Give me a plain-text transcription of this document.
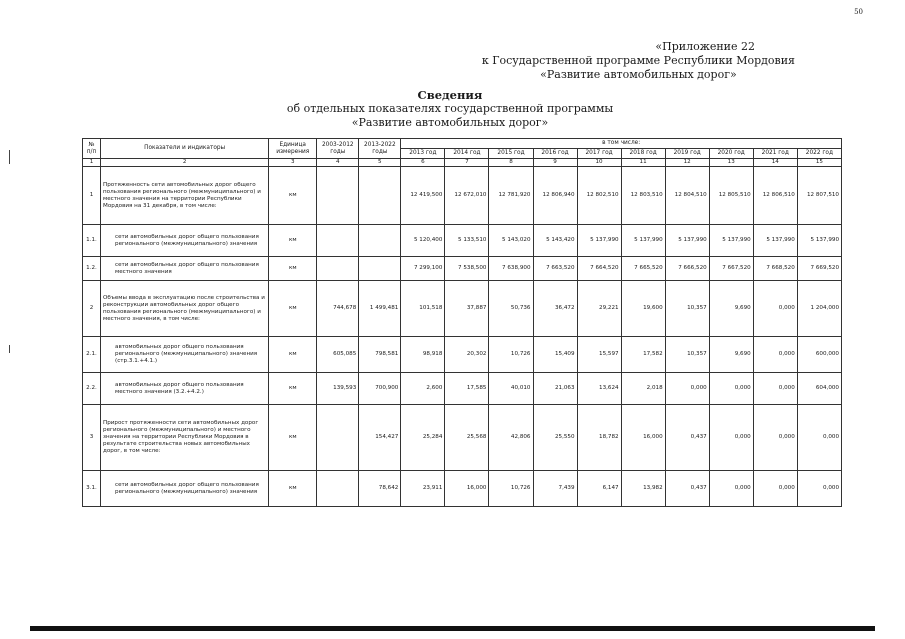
50
«Приложение 22
к Государственной программе Республики Мордовия
«Развитие автомобильных дорог»
Сведения
об отдельных показателях государственной программы
«Развитие автомобильных дорог»
№ п/п	Показатели и индикаторы	Единица измерения	2003-2012 годы	2013-2022 годы	в том числе:									
					2013 год	2014 год	2015 год	2016 год	2017 год	2018 год	2019 год	2020 год	2021 год	2022 год
1	2	3	4	5	6	7	8	9	10	11	12	13	14	15
1	Протяженность сети автомобильных дорог общего пользования регионального (межмуниципального) и местного значения на территории Республики Мордовия на 31 декабря, в том числе:	км			12 419,500	12 672,010	12 781,920	12 806,940	12 802,510	12 803,510	12 804,510	12 805,510	12 806,510	12 807,510
1.1.	сети автомобильных дорог общего пользования регионального (межмуниципального) значения	км			5 120,400	5 133,510	5 143,020	5 143,420	5 137,990	5 137,990	5 137,990	5 137,990	5 137,990	5 137,990
1.2.	сети автомобильных дорог общего пользования местного значения	км			7 299,100	7 538,500	7 638,900	7 663,520	7 664,520	7 665,520	7 666,520	7 667,520	7 668,520	7 669,520
2	Объемы ввода в эксплуатацию после строительства и реконструкции автомобильных дорог общего пользования регионального (межмуниципального) и местного значения, в том числе:	км	744,678	1 499,481	101,518	37,887	50,736	36,472	29,221	19,600	10,357	9,690	0,000	1 204,000
2.1.	автомобильных дорог общего пользования регионального (межмуниципального) значения (стр.3.1.+4.1.)	км	605,085	798,581	98,918	20,302	10,726	15,409	15,597	17,582	10,357	9,690	0,000	600,000
2.2.	автомобильных дорог общего пользования местного значения (3.2.+4.2.)	км	139,593	700,900	2,600	17,585	40,010	21,063	13,624	2,018	0,000	0,000	0,000	604,000
3	Прирост протяженности сети автомобильных дорог регионального (межмуниципального) и местного значения на территории Республики Мордовия в результате строительства новых автомобильных дорог, в том числе:	км		154,427	25,284	25,568	42,806	25,550	18,782	16,000	0,437	0,000	0,000	0,000
3.1.	сети автомобильных дорог общего пользования регионального (межмуниципального) значения	км		78,642	23,911	16,000	10,726	7,439	6,147	13,982	0,437	0,000	0,000	0,000
